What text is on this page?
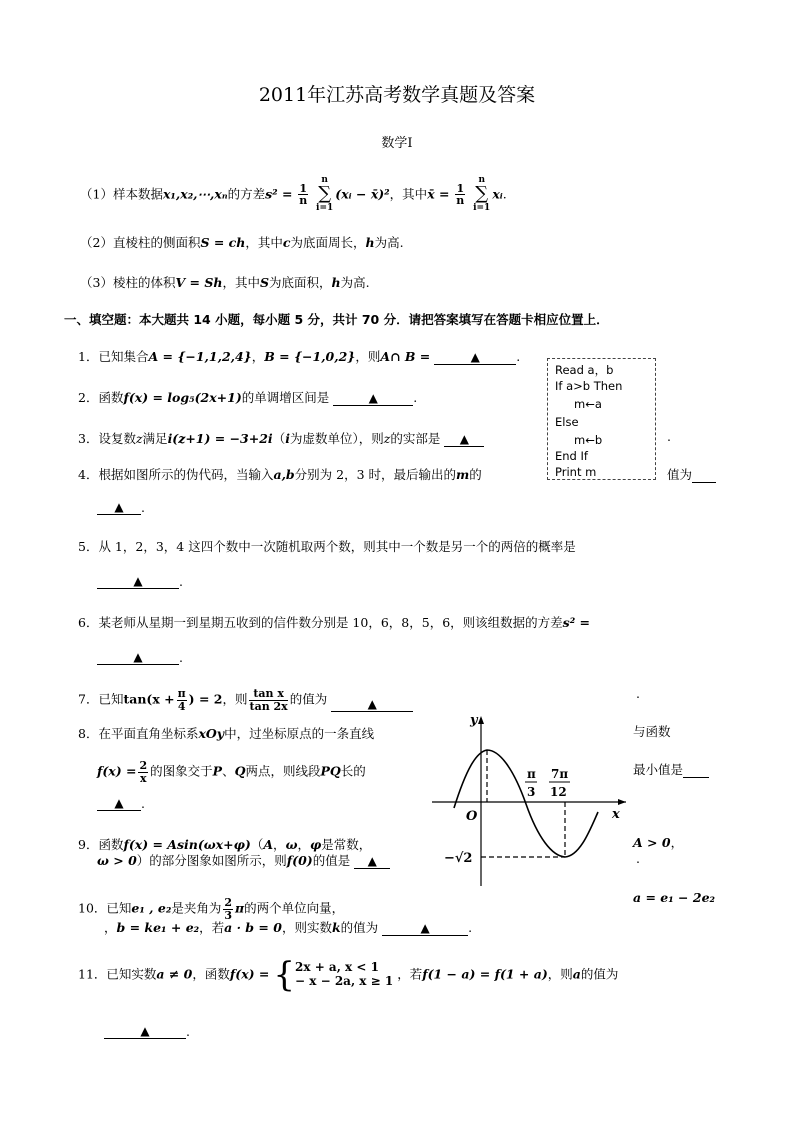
2011年江苏高考数学真题及答案
数学Ⅰ
（1）样本数据x₁,x₂,⋯,xₙ的方差$s^2 = \frac{1}{n}$

n
∑
i=1
(xᵢ − x̄)²，其中x̄ = $\frac{1}{n}$

n
∑
i=1
xᵢ.
（2）直棱柱的侧面积S = ch，其中c为底面周长，h为高.
（3）棱柱的体积V = Sh，其中S为底面积，h为高.
一、填空题：本大题共 14 小题，每小题 5 分，共计 70 分．请把答案填写在答题卡相应位置上．
1．已知集合A = {−1,1,2,4}，B = {−1,0,2}，则A∩ B =	▲	.
Read a，b
If a>b Then
m←a
Else
m←b
End If
Print m
2．函数f(x) = log₅(2x+1)的单调增区间是	▲	.
3．设复数z满足i(z+1) = −3+2i（i为虚数单位），则z的实部是 ▲	.
4．根据如图所示的伪代码，当输入a,b分别为 2，3 时，最后输出的m的	值为
▲ .
5．从 1，2，3，4 这四个数中一次随机取两个数，则其中一个数是另一个的两倍的概率是
▲	.
6．某老师从星期一到星期五收到的信件数分别是 10，6，8，5，6，则该组数据的方差s² =
▲	.
7．已知$\tan(x + \frac{\pi}{4}$ ) = 2，则 $\frac{\text{tan x}}{\tan 2x}$ 的值为	▲
.
8．在平面直角坐标系xOy中，过坐标原点的一条直线	与函数
$f(x) = \frac{2}{x}$ 的图象交于P、Q两点，则线段PQ长的	最小值是
▲ .
y
x
O
π
3
7π
12
−√2
9．函数f(x) = Asin(ωx+φ)（A，ω，φ是常数，	A > 0，
ω > 0）的部分图象如图所示，则f(0)的值是 ▲	.
10．已知e₁ , e₂是夹角为 $\frac{2}{3}$ π的两个单位向量，
a = e₁ − 2e₂
，b = ke₁ + e₂，若a · b = 0，则实数k的值为	▲	.
11．已知实数a ≠ 0，函数f(x) = { 2x + a, x < 1
− x − 2a, x ≥ 1 ，若f(1 − a) = f(1 + a)，则a的值为
▲	.
